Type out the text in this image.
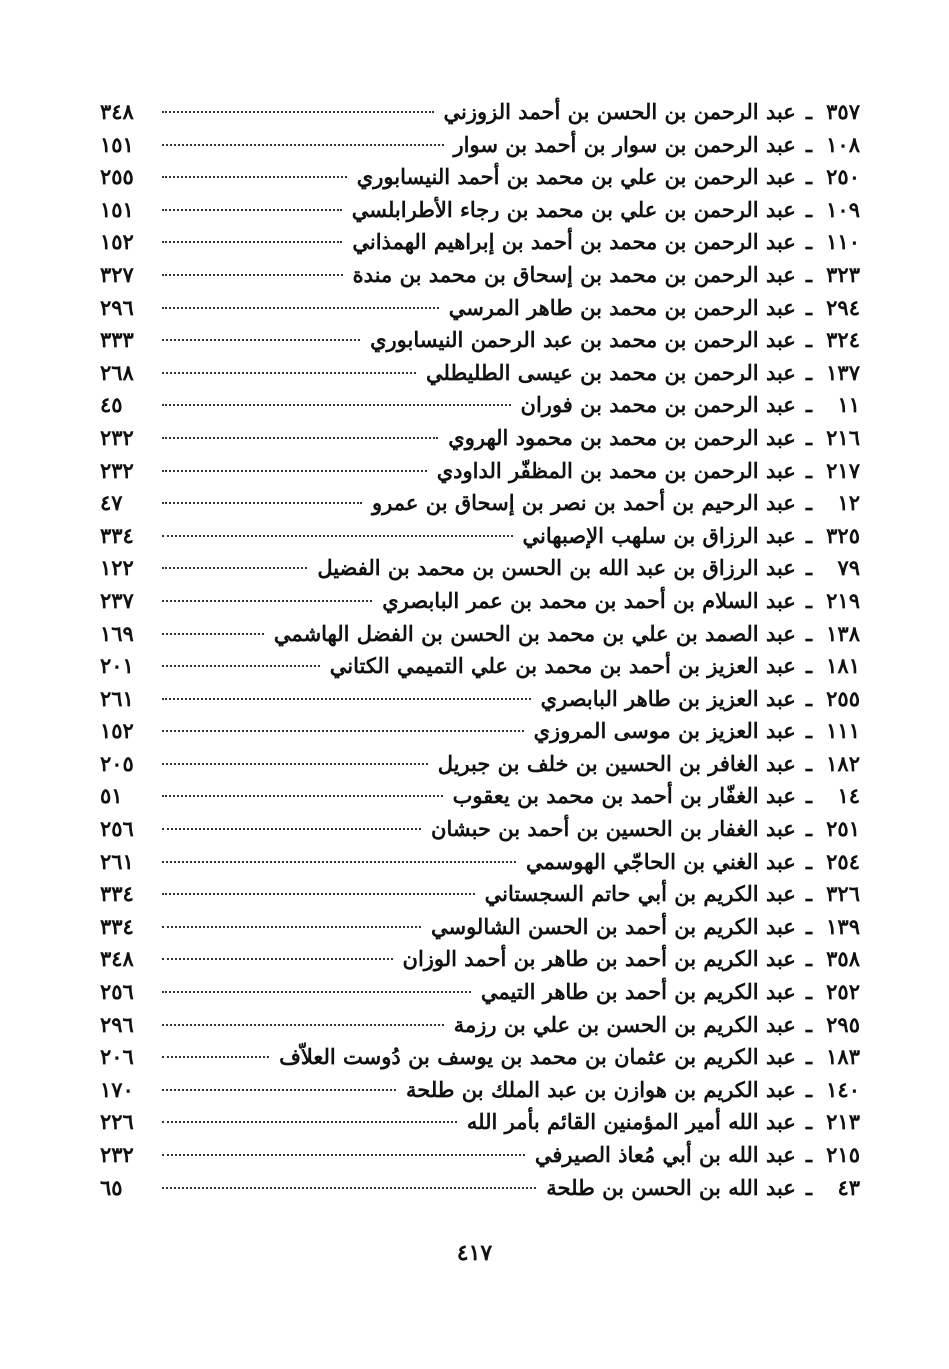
٣٥٧
ـ
عبد الرحمن بن الحسن بن أحمد الزوزني
٣٤٨
١٠٨
ـ
عبد الرحمن بن سوار بن أحمد بن سوار
١٥١
٢٥٠
ـ
عبد الرحمن بن علي بن محمد بن أحمد النيسابوري
٢٥٥
١٠٩
ـ
عبد الرحمن بن علي بن محمد بن رجاء الأطرابلسي
١٥١
١١٠
ـ
عبد الرحمن بن محمد بن أحمد بن إبراهيم الهمذاني
١٥٢
٣٢٣
ـ
عبد الرحمن بن محمد بن إسحاق بن محمد بن مندة
٣٢٧
٢٩٤
ـ
عبد الرحمن بن محمد بن طاهر المرسي
٢٩٦
٣٢٤
ـ
عبد الرحمن بن محمد بن عبد الرحمن النيسابوري
٣٣٣
١٣٧
ـ
عبد الرحمن بن محمد بن عيسى الطليطلي
٢٦٨
١١
ـ
عبد الرحمن بن محمد بن فوران
٤٥
٢١٦
ـ
عبد الرحمن بن محمد بن محمود الهروي
٢٣٢
٢١٧
ـ
عبد الرحمن بن محمد بن المظفّر الداودي
٢٣٢
١٢
ـ
عبد الرحيم بن أحمد بن نصر بن إسحاق بن عمرو
٤٧
٣٢٥
ـ
عبد الرزاق بن سلهب الإصبهاني
٣٣٤
٧٩
ـ
عبد الرزاق بن عبد الله بن الحسن بن محمد بن الفضيل
١٢٢
٢١٩
ـ
عبد السلام بن أحمد بن محمد بن عمر البابصري
٢٣٧
١٣٨
ـ
عبد الصمد بن علي بن محمد بن الحسن بن الفضل الهاشمي
١٦٩
١٨١
ـ
عبد العزيز بن أحمد بن محمد بن علي التميمي الكتاني
٢٠١
٢٥٥
ـ
عبد العزيز بن طاهر البابصري
٢٦١
١١١
ـ
عبد العزيز بن موسى المروزي
١٥٢
١٨٢
ـ
عبد الغافر بن الحسين بن خلف بن جبريل
٢٠٥
١٤
ـ
عبد الغفّار بن أحمد بن محمد بن يعقوب
٥١
٢٥١
ـ
عبد الغفار بن الحسين بن أحمد بن حبشان
٢٥٦
٢٥٤
ـ
عبد الغني بن الحاجّي الهوسمي
٢٦١
٣٢٦
ـ
عبد الكريم بن أبي حاتم السجستاني
٣٣٤
١٣٩
ـ
عبد الكريم بن أحمد بن الحسن الشالوسي
٣٣٤
٣٥٨
ـ
عبد الكريم بن أحمد بن طاهر بن أحمد الوزان
٣٤٨
٢٥٢
ـ
عبد الكريم بن أحمد بن طاهر التيمي
٢٥٦
٢٩٥
ـ
عبد الكريم بن الحسن بن علي بن رزمة
٢٩٦
١٨٣
ـ
عبد الكريم بن عثمان بن محمد بن يوسف بن دُوست العلاّف
٢٠٦
١٤٠
ـ
عبد الكريم بن هوازن بن عبد الملك بن طلحة
١٧٠
٢١٣
ـ
عبد الله أمير المؤمنين القائم بأمر الله
٢٢٦
٢١٥
ـ
عبد الله بن أبي مُعاذ الصيرفي
٢٣٢
٤٣
ـ
عبد الله بن الحسن بن طلحة
٦٥
٤١٧
